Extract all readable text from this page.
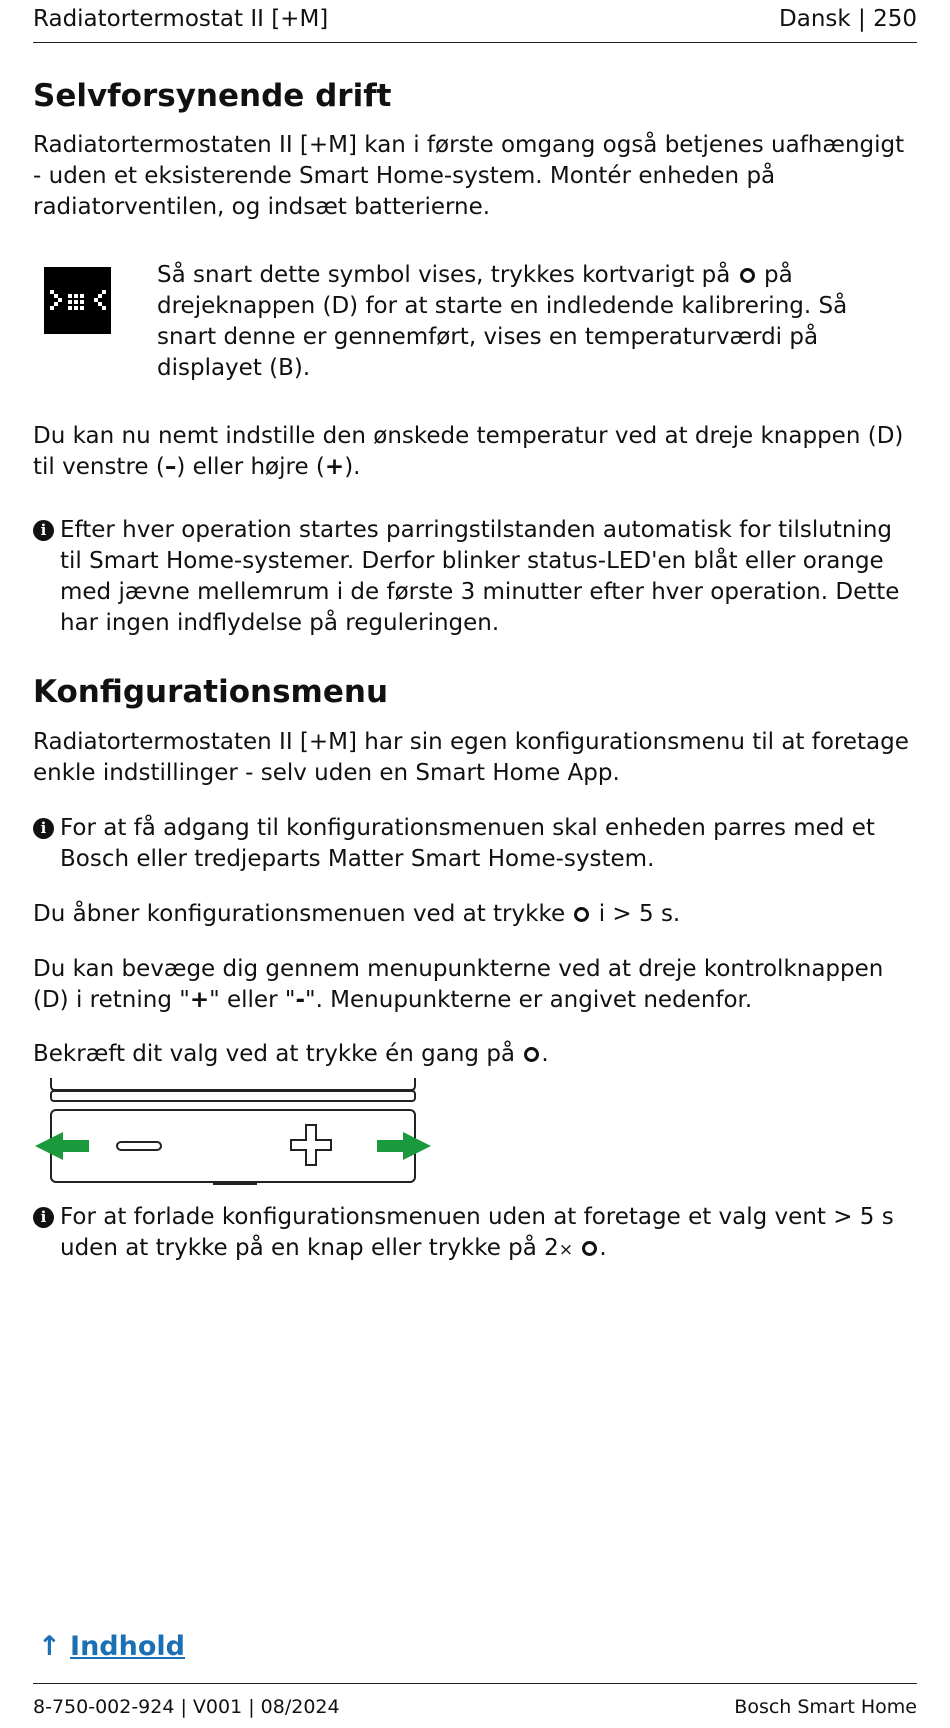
Radiatortermostat II [+M]	Dansk | 250
Selvforsynende drift

Radiatortermostaten II [+M] kan i første omgang også betjenes uafhængigt - uden et eksisterende Smart Home-system. Montér enheden på radiatorventilen, og indsæt batterierne.

Så snart dette symbol vises, trykkes kortvarigt på på drejeknappen (D) for at starte en indledende kalibrering. Så snart denne er gennemført, vises en temperaturværdi på displayet (B).

Du kan nu nemt indstille den ønskede temperatur ved at dreje knappen (D) til venstre (–) eller højre (+).

i Efter hver operation startes parringstilstanden automatisk for tilslutning til Smart Home-systemer. Derfor blinker status-LED'en blåt eller orange med jævne mellemrum i de første 3 minutter efter hver operation. Dette har ingen indflydelse på reguleringen.
Konfigurationsmenu

Radiatortermostaten II [+M] har sin egen konfigurationsmenu til at foretage enkle indstillinger - selv uden en Smart Home App.

i For at få adgang til konfigurationsmenuen skal enheden parres med et Bosch eller tredjeparts Matter Smart Home-system.

Du åbner konfigurationsmenuen ved at trykke i > 5 s.

Du kan bevæge dig gennem menupunkterne ved at dreje kontrolknappen (D) i retning "+" eller "-". Menupunkterne er angivet nedenfor.

Bekræft dit valg ved at trykke én gang på .

i For at forlade konfigurationsmenuen uden at foretage et valg vent > 5 s uden at trykke på en knap eller trykke på 2× .
↑ Indhold
8-750-002-924 | V001 | 08/2024	Bosch Smart Home
